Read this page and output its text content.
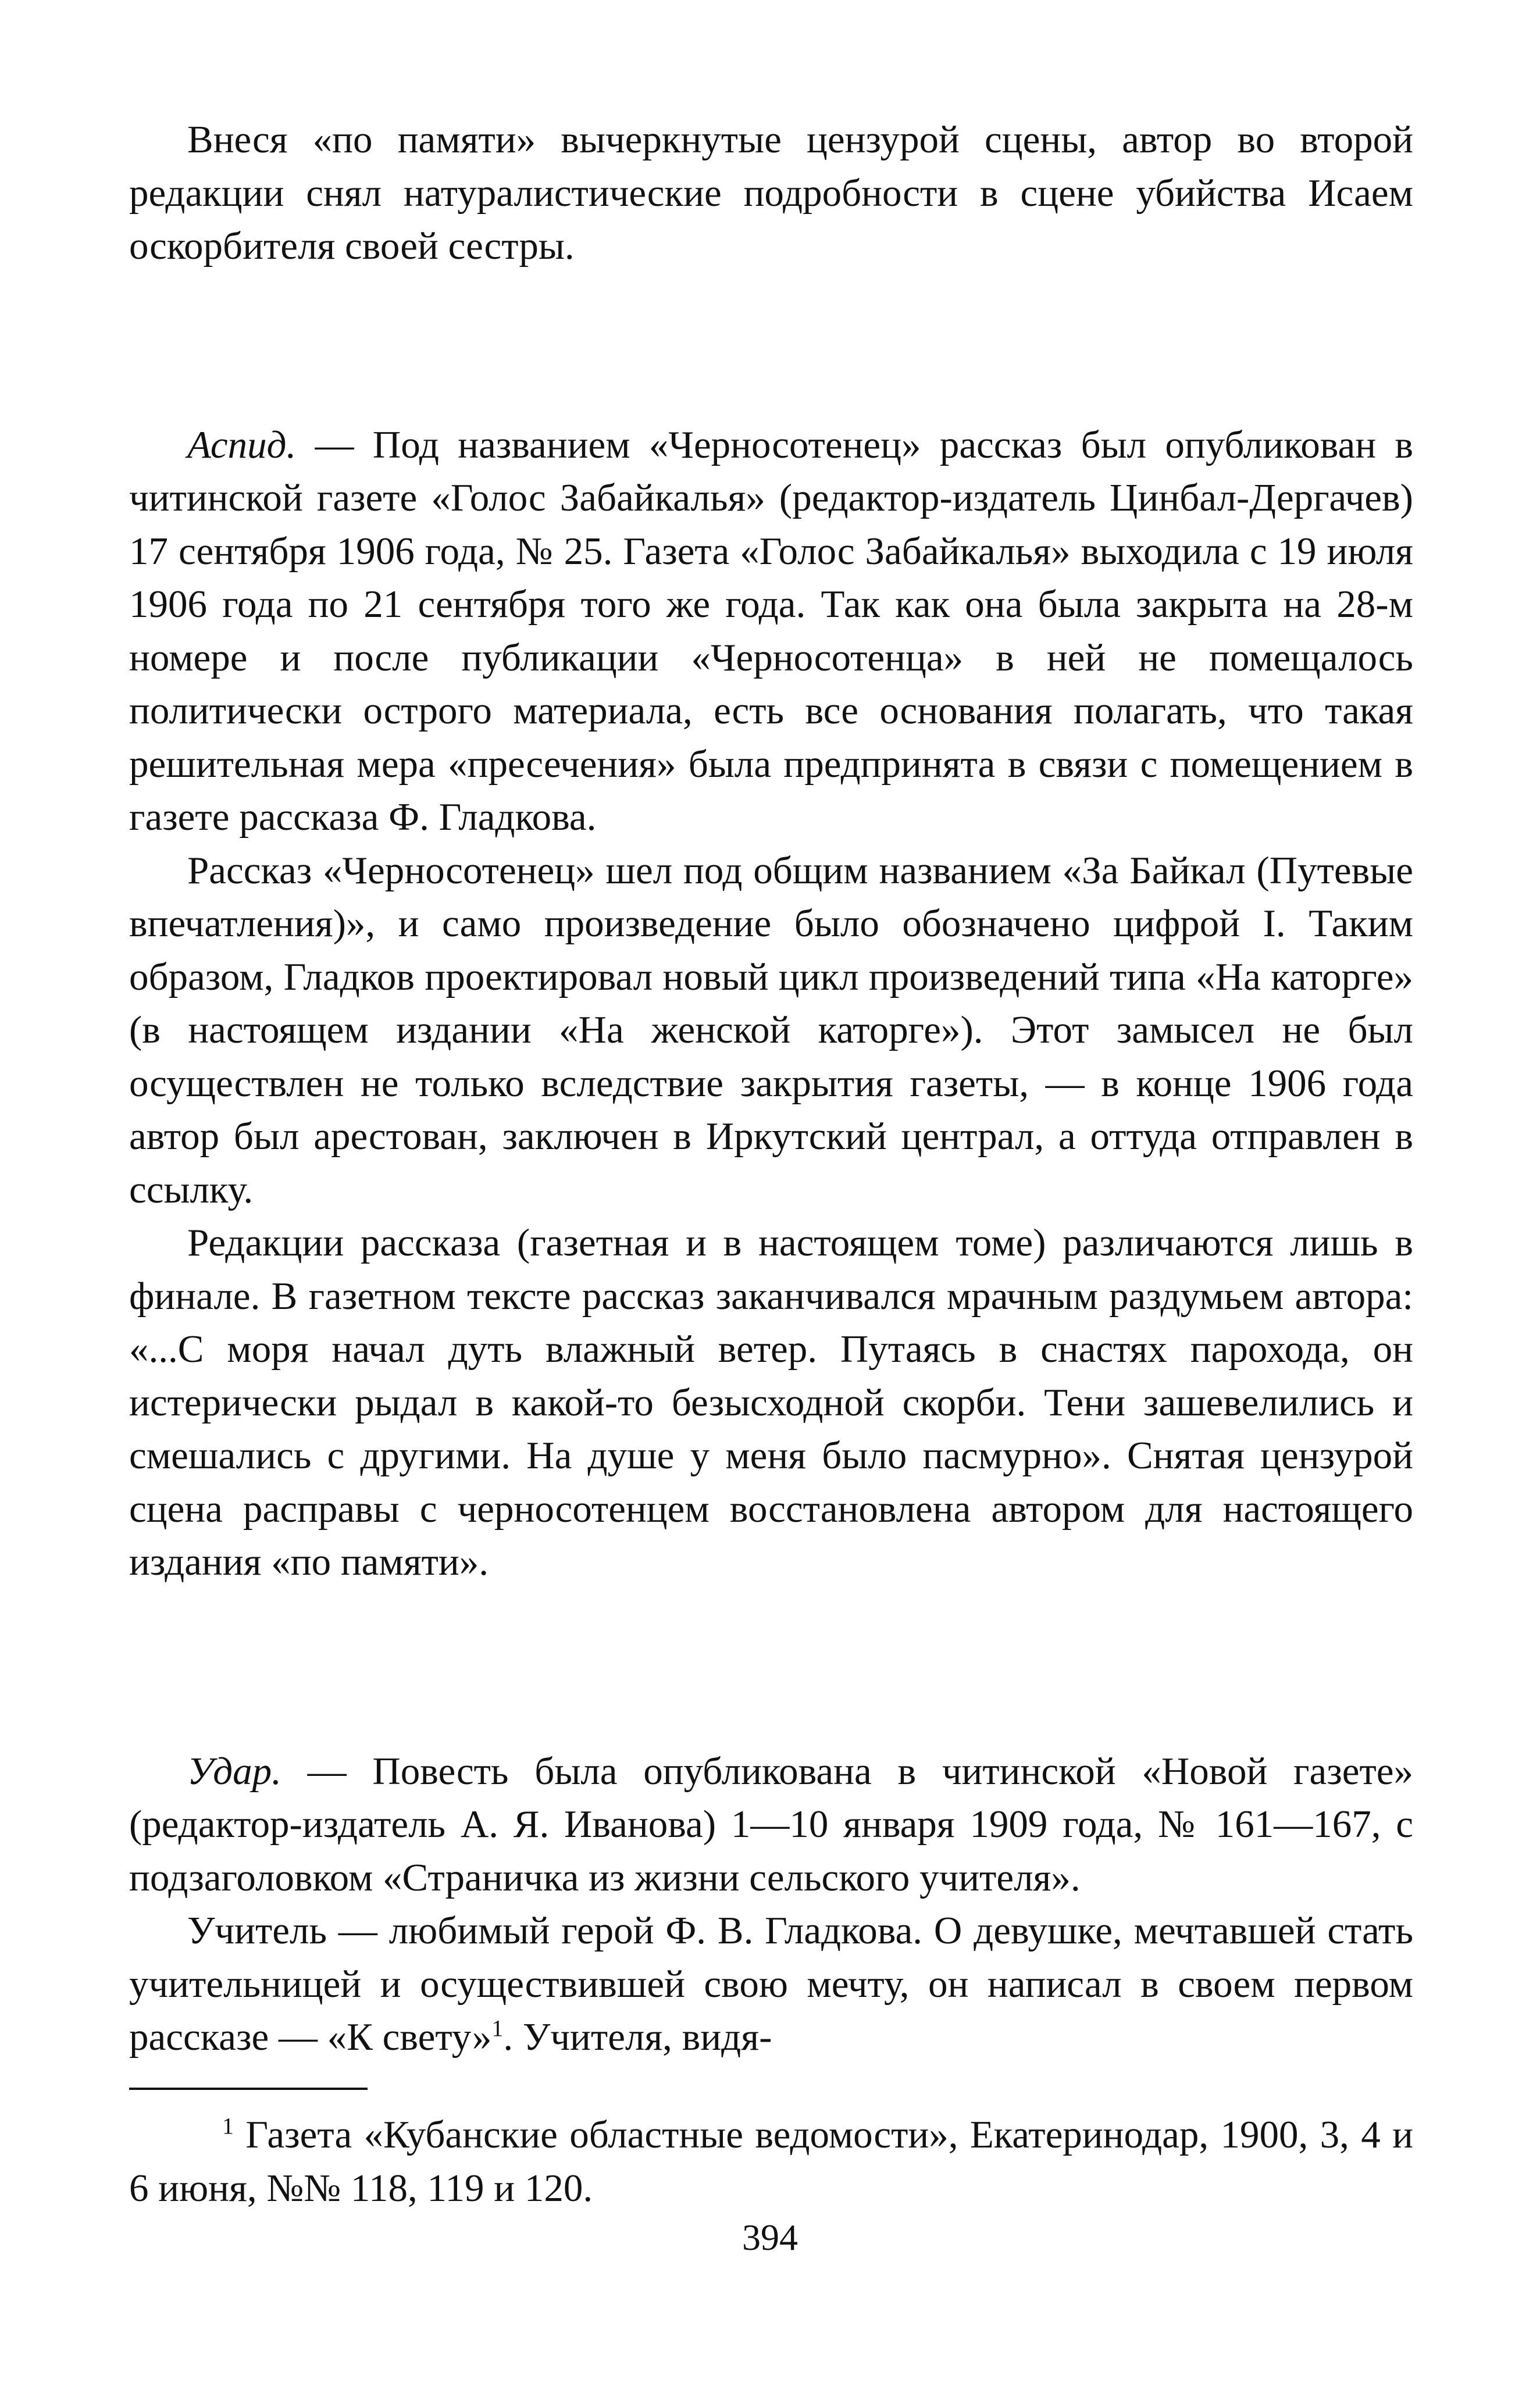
Внеся «по памяти» вычеркнутые цензурой сцены, автор во второй редакции снял натуралистические подробности в сцене убийства Исаем оскорбителя своей сестры.

Аспид. — Под названием «Черносотенец» рассказ был опубликован в читинской газете «Голос Забайкалья» (редактор-издатель Цинбал-Дергачев) 17 сентября 1906 года, № 25. Газета «Голос Забайкалья» выходила с 19 июля 1906 года по 21 сентября того же года. Так как она была закрыта на 28-м номере и после публикации «Черносотенца» в ней не помещалось политически острого материала, есть все основания полагать, что такая решительная мера «пресечения» была предпринята в связи с помещением в газете рассказа Ф. Гладкова.

Рассказ «Черносотенец» шел под общим названием «За Байкал (Путевые впечатления)», и само произведение было обозначено цифрой I. Таким образом, Гладков проектировал новый цикл произведений типа «На каторге» (в настоящем издании «На женской каторге»). Этот замысел не был осуществлен не только вследствие закрытия газеты, — в конце 1906 года автор был арестован, заключен в Иркутский централ, а оттуда отправлен в ссылку.

Редакции рассказа (газетная и в настоящем томе) различаются лишь в финале. В газетном тексте рассказ заканчивался мрачным раздумьем автора: «...С моря начал дуть влажный ветер. Путаясь в снастях парохода, он истерически рыдал в какой-то безысходной скорби. Тени зашевелились и смешались с другими. На душе у меня было пасмурно». Снятая цензурой сцена расправы с черносотенцем восстановлена автором для настоящего издания «по памяти».

Удар. — Повесть была опубликована в читинской «Новой газете» (редактор-издатель А. Я. Иванова) 1—10 января 1909 года, № 161—167, с подзаголовком «Страничка из жизни сельского учителя».

Учитель — любимый герой Ф. В. Гладкова. О девушке, мечтавшей стать учительницей и осуществившей свою мечту, он написал в своем первом рассказе — «К свету»$^1$. Учителя, видя-

$^1$ Газета «Кубанские областные ведомости», Екатеринодар, 1900, 3, 4 и 6 июня, №№ 118, 119 и 120.

394
